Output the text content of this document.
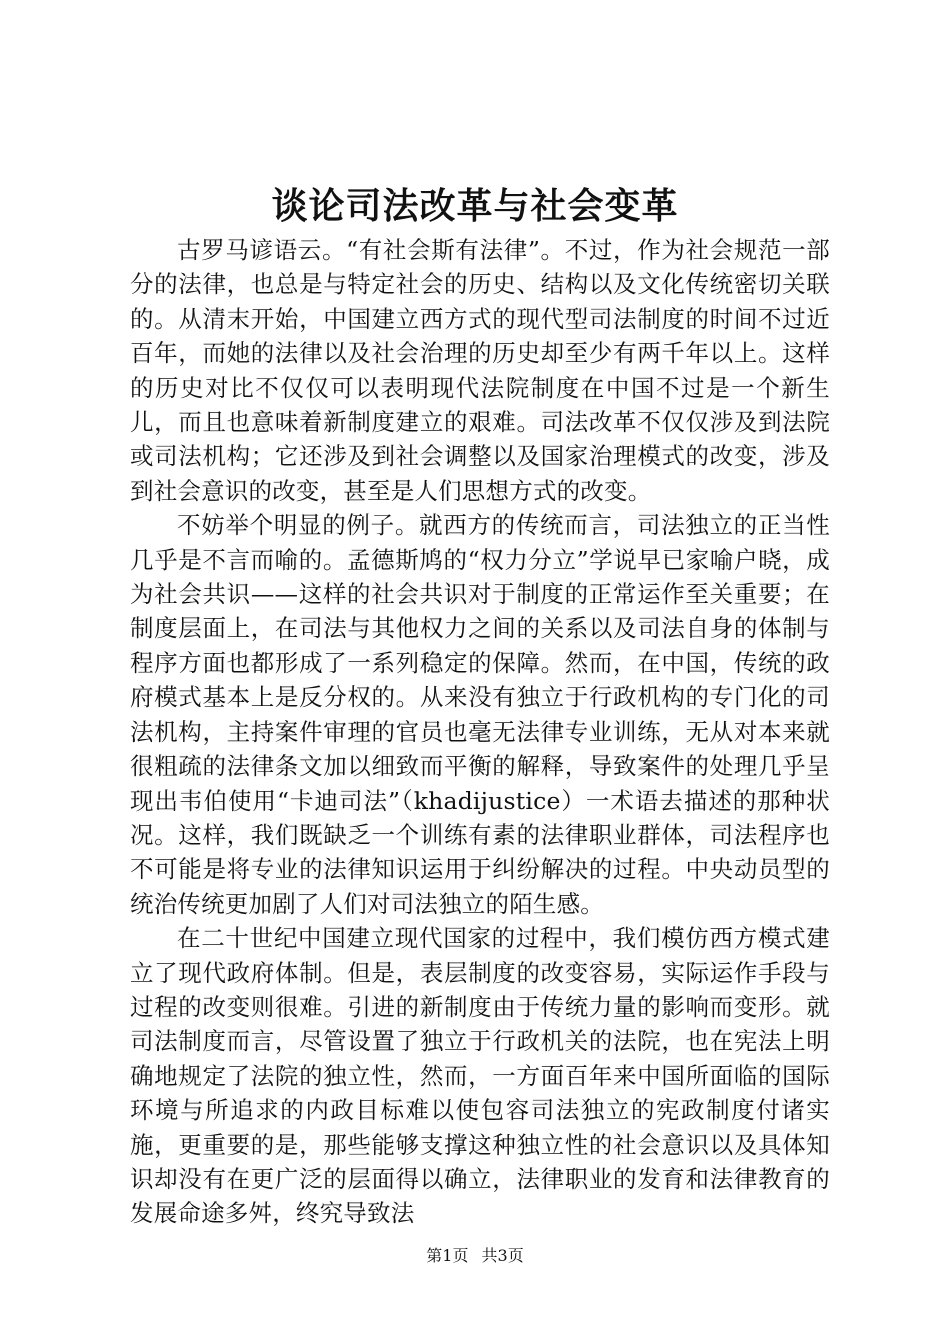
谈论司法改革与社会变革

古罗马谚语云。“有社会斯有法律”。不过，作为社会规范一部分的法律，也总是与特定社会的历史、结构以及文化传统密切关联的。从清末开始，中国建立西方式的现代型司法制度的时间不过近百年，而她的法律以及社会治理的历史却至少有两千年以上。这样的历史对比不仅仅可以表明现代法院制度在中国不过是一个新生儿，而且也意味着新制度建立的艰难。司法改革不仅仅涉及到法院或司法机构；它还涉及到社会调整以及国家治理模式的改变，涉及到社会意识的改变，甚至是人们思想方式的改变。

不妨举个明显的例子。就西方的传统而言，司法独立的正当性几乎是不言而喻的。孟德斯鸠的“权力分立”学说早已家喻户晓，成为社会共识——这样的社会共识对于制度的正常运作至关重要；在制度层面上，在司法与其他权力之间的关系以及司法自身的体制与程序方面也都形成了一系列稳定的保障。然而，在中国，传统的政府模式基本上是反分权的。从来没有独立于行政机构的专门化的司法机构，主持案件审理的官员也毫无法律专业训练，无从对本来就很粗疏的法律条文加以细致而平衡的解释，导致案件的处理几乎呈现出韦伯使用“卡迪司法”（khadijustice）一术语去描述的那种状况。这样，我们既缺乏一个训练有素的法律职业群体，司法程序也不可能是将专业的法律知识运用于纠纷解决的过程。中央动员型的统治传统更加剧了人们对司法独立的陌生感。

在二十世纪中国建立现代国家的过程中，我们模仿西方模式建立了现代政府体制。但是，表层制度的改变容易，实际运作手段与过程的改变则很难。引进的新制度由于传统力量的影响而变形。就司法制度而言，尽管设置了独立于行政机关的法院，也在宪法上明确地规定了法院的独立性，然而，一方面百年来中国所面临的国际环境与所追求的内政目标难以使包容司法独立的宪政制度付诸实施，更重要的是，那些能够支撑这种独立性的社会意识以及具体知识却没有在更广泛的层面得以确立，法律职业的发育和法律教育的发展命途多舛，终究导致法

第1页 共3页
